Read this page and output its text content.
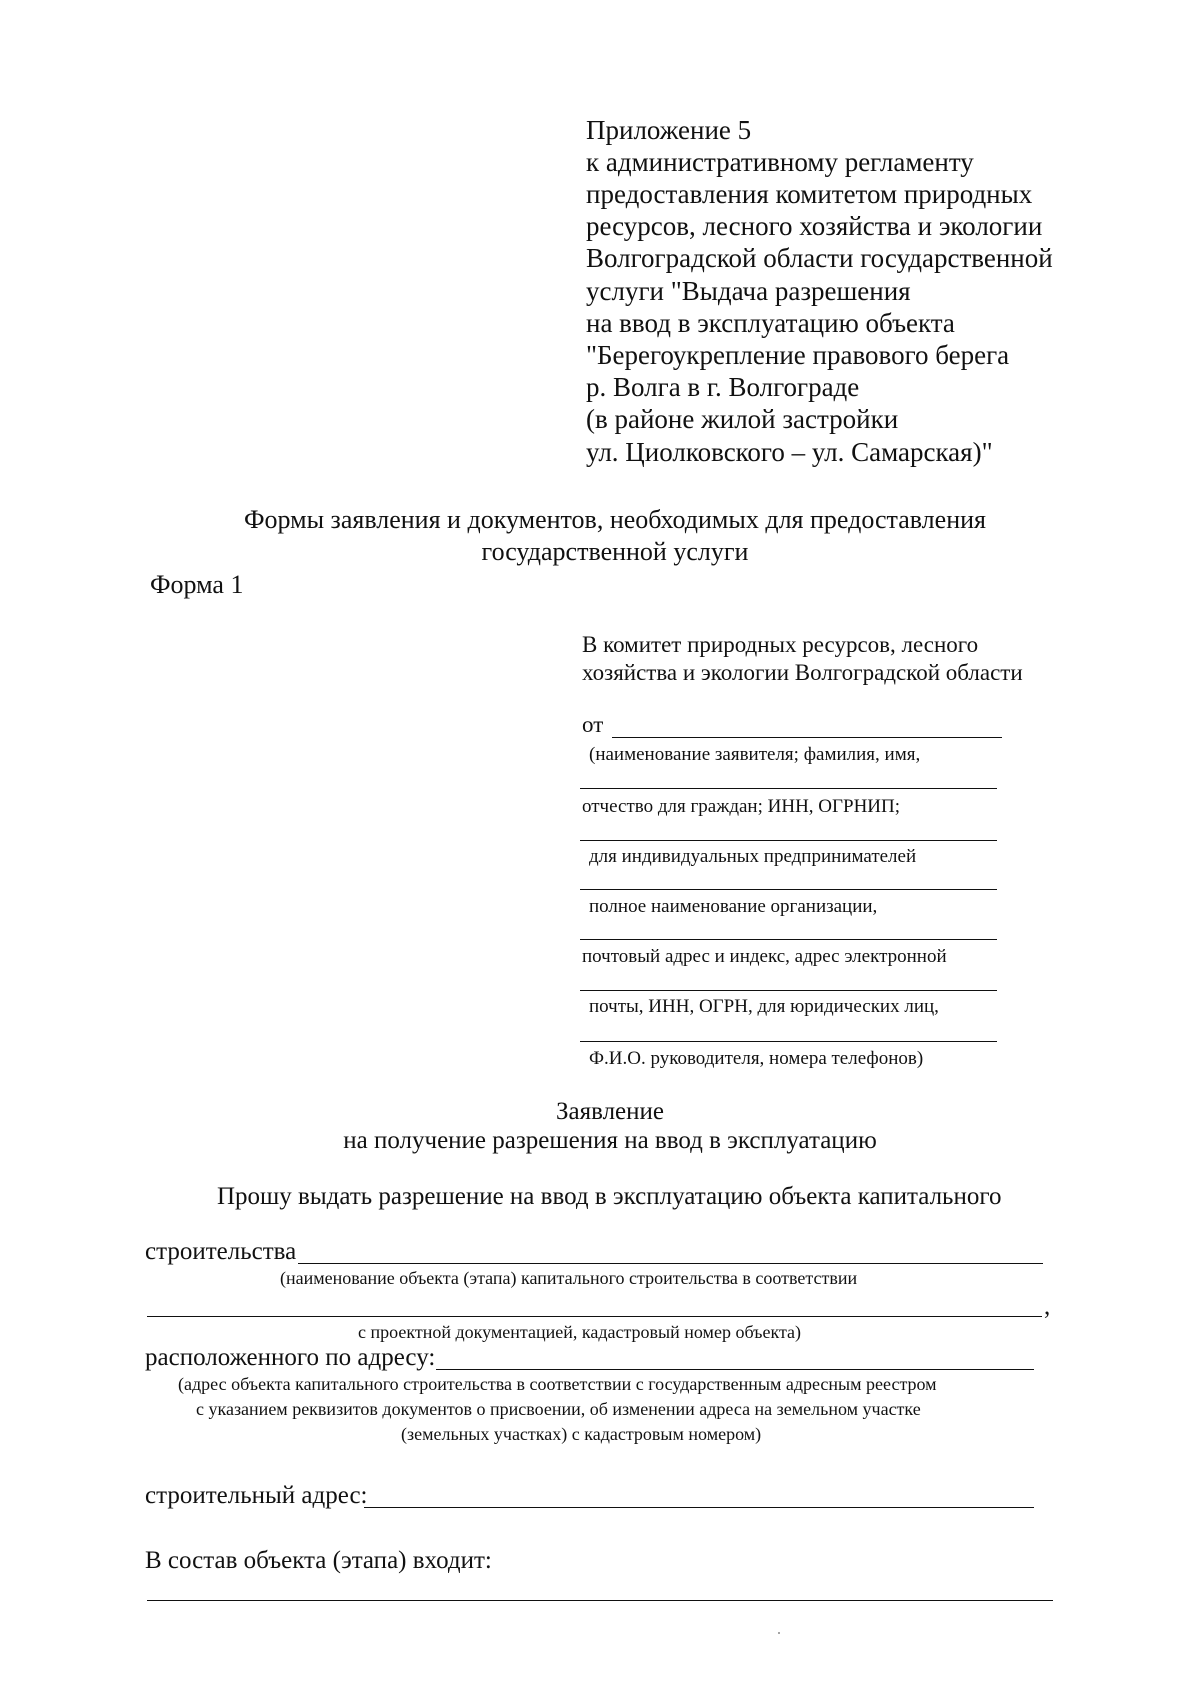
Приложение 5
к административному регламенту
предоставления комитетом природных
ресурсов, лесного хозяйства и экологии
Волгоградской области государственной
услуги "Выдача разрешения
на ввод в эксплуатацию объекта
"Берегоукрепление правового берега
р. Волга в г. Волгограде
(в районе жилой застройки
ул. Циолковского – ул. Самарская)"
Формы заявления и документов, необходимых для предоставления
государственной услуги
Форма 1
В комитет природных ресурсов, лесного
хозяйства и экологии Волгоградской области
от
(наименование заявителя; фамилия, имя,
отчество для граждан; ИНН, ОГРНИП;
для индивидуальных предпринимателей
полное наименование организации,
почтовый адрес и индекс, адрес электронной
почты, ИНН, ОГРН, для юридических лиц,
Ф.И.О. руководителя, номера телефонов)
Заявление
на получение разрешения на ввод в эксплуатацию
Прошу выдать разрешение на ввод в эксплуатацию объекта капитального
строительства
(наименование объекта (этапа) капитального строительства в соответствии
,
с проектной документацией, кадастровый номер объекта)
расположенного по адресу:
(адрес объекта капитального строительства в соответствии с государственным адресным реестром
с указанием реквизитов документов о присвоении, об изменении адреса на земельном участке
(земельных участках) с кадастровым номером)
строительный адрес:
В состав объекта (этапа) входит:
